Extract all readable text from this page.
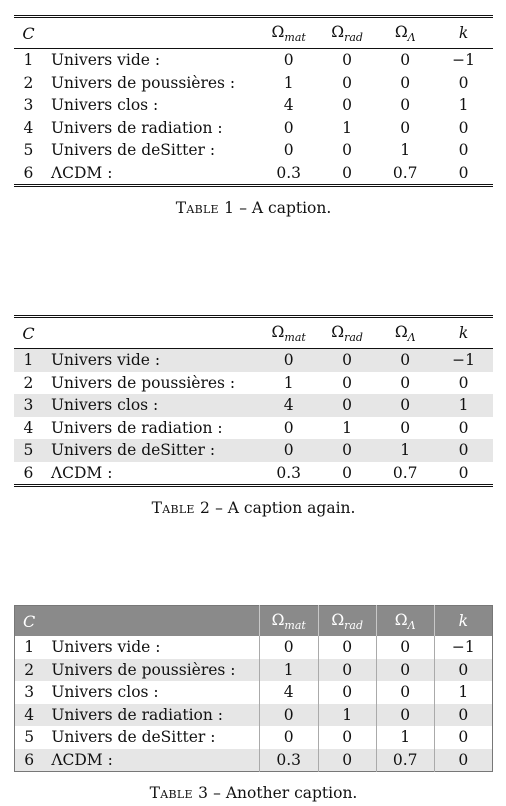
C		$\Omega_{mat}$	$\Omega_{rad}$	$\Omega_\Lambda$	k
1	Univers vide :	0	0	0	−1
2	Univers de poussières :	1	0	0	0
3	Univers clos :	4	0	0	1
4	Univers de radiation :	0	1	0	0
5	Univers de deSitter :	0	0	1	0
6	ΛCDM :	0.3	0	0.7	0
Table 1 – A caption.
C		$\Omega_{mat}$	$\Omega_{rad}$	$\Omega_\Lambda$	k
1	Univers vide :	0	0	0	−1
2	Univers de poussières :	1	0	0	0
3	Univers clos :	4	0	0	1
4	Univers de radiation :	0	1	0	0
5	Univers de deSitter :	0	0	1	0
6	ΛCDM :	0.3	0	0.7	0
Table 2 – A caption again.
C		$\Omega_{mat}$	$\Omega_{rad}$	$\Omega_\Lambda$	k
1	Univers vide :	0	0	0	−1
2	Univers de poussières :	1	0	0	0
3	Univers clos :	4	0	0	1
4	Univers de radiation :	0	1	0	0
5	Univers de deSitter :	0	0	1	0
6	ΛCDM :	0.3	0	0.7	0
Table 3 – Another caption.
